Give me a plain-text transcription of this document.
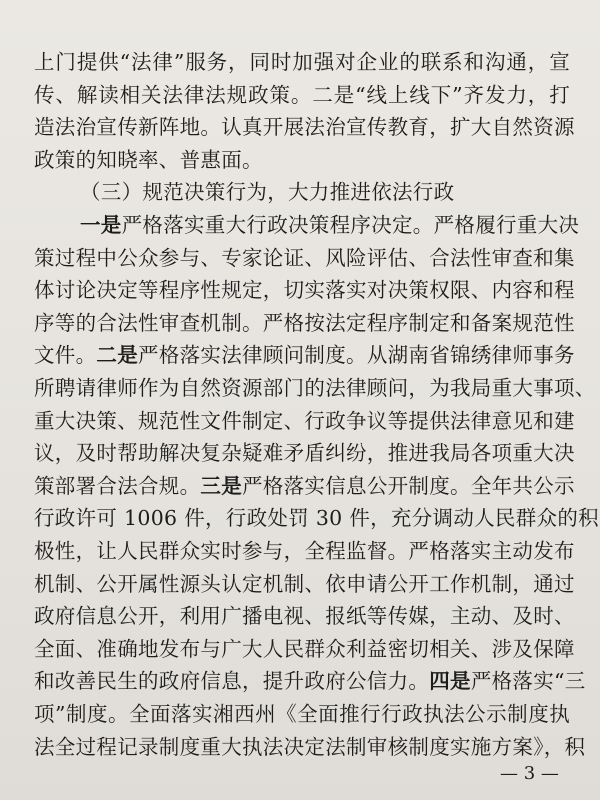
上门提供“法律”服务，同时加强对企业的联系和沟通，宣
传、解读相关法律法规政策。二是“线上线下”齐发力，打
造法治宣传新阵地。认真开展法治宣传教育，扩大自然资源
政策的知晓率、普惠面。
（三）规范决策行为，大力推进依法行政
一是严格落实重大行政决策程序决定。严格履行重大决
策过程中公众参与、专家论证、风险评估、合法性审查和集
体讨论决定等程序性规定，切实落实对决策权限、内容和程
序等的合法性审查机制。严格按法定程序制定和备案规范性
文件。二是严格落实法律顾问制度。从湖南省锦绣律师事务
所聘请律师作为自然资源部门的法律顾问，为我局重大事项、
重大决策、规范性文件制定、行政争议等提供法律意见和建
议，及时帮助解决复杂疑难矛盾纠纷，推进我局各项重大决
策部署合法合规。三是严格落实信息公开制度。全年共公示
行政许可 1006 件，行政处罚 30 件，充分调动人民群众的积
极性，让人民群众实时参与，全程监督。严格落实主动发布
机制、公开属性源头认定机制、依申请公开工作机制，通过
政府信息公开，利用广播电视、报纸等传媒，主动、及时、
全面、准确地发布与广大人民群众利益密切相关、涉及保障
和改善民生的政府信息，提升政府公信力。四是严格落实“三
项”制度。全面落实湘西州《全面推行行政执法公示制度执
法全过程记录制度重大执法决定法制审核制度实施方案》，积
— 3 —
